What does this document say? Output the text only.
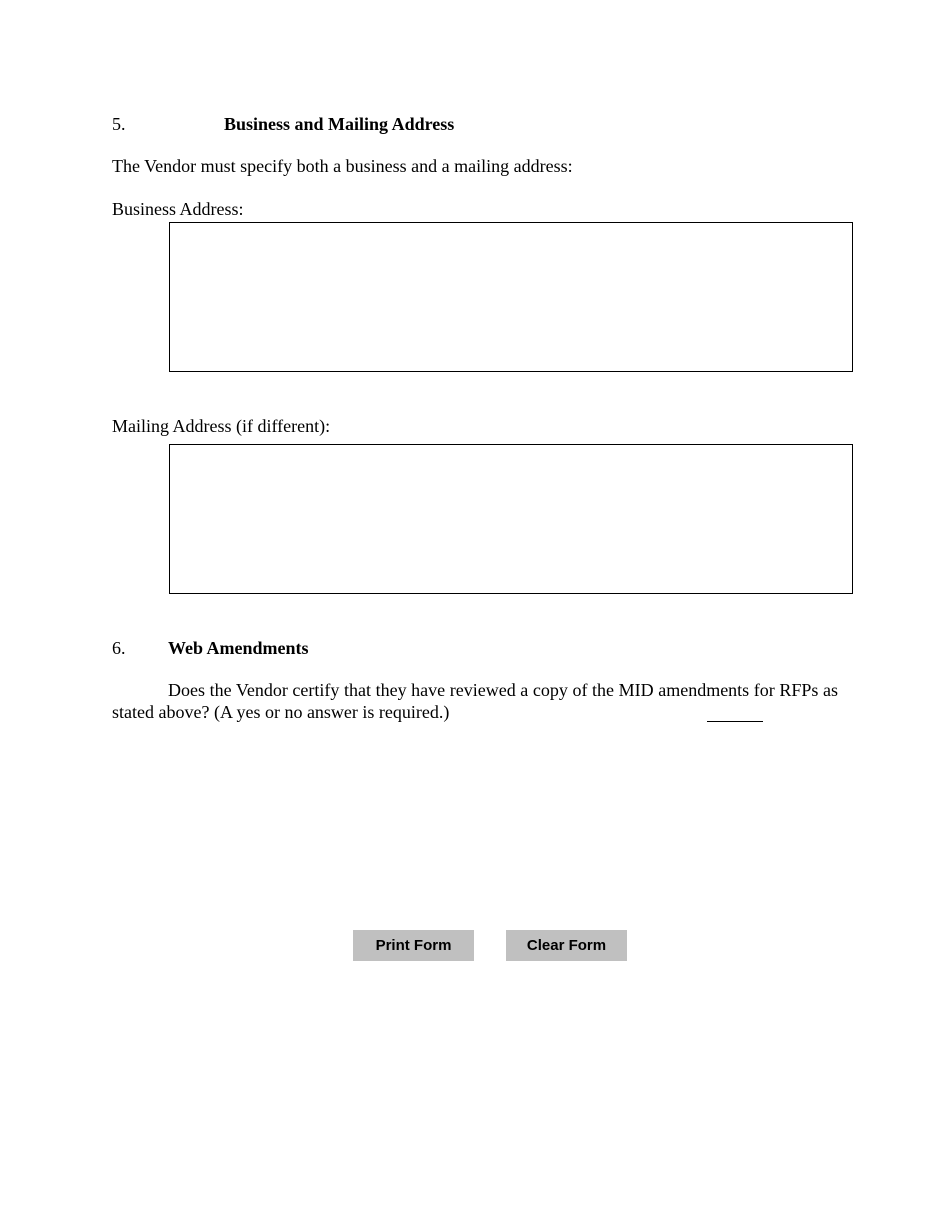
5.	Business and Mailing Address
The Vendor must specify both a business and a mailing address:
Business Address:
Mailing Address (if different):
6. Web Amendments
Does the Vendor certify that they have reviewed a copy of the MID amendments for RFPs as stated above? (A yes or no answer is required.)
Print Form	Clear Form
